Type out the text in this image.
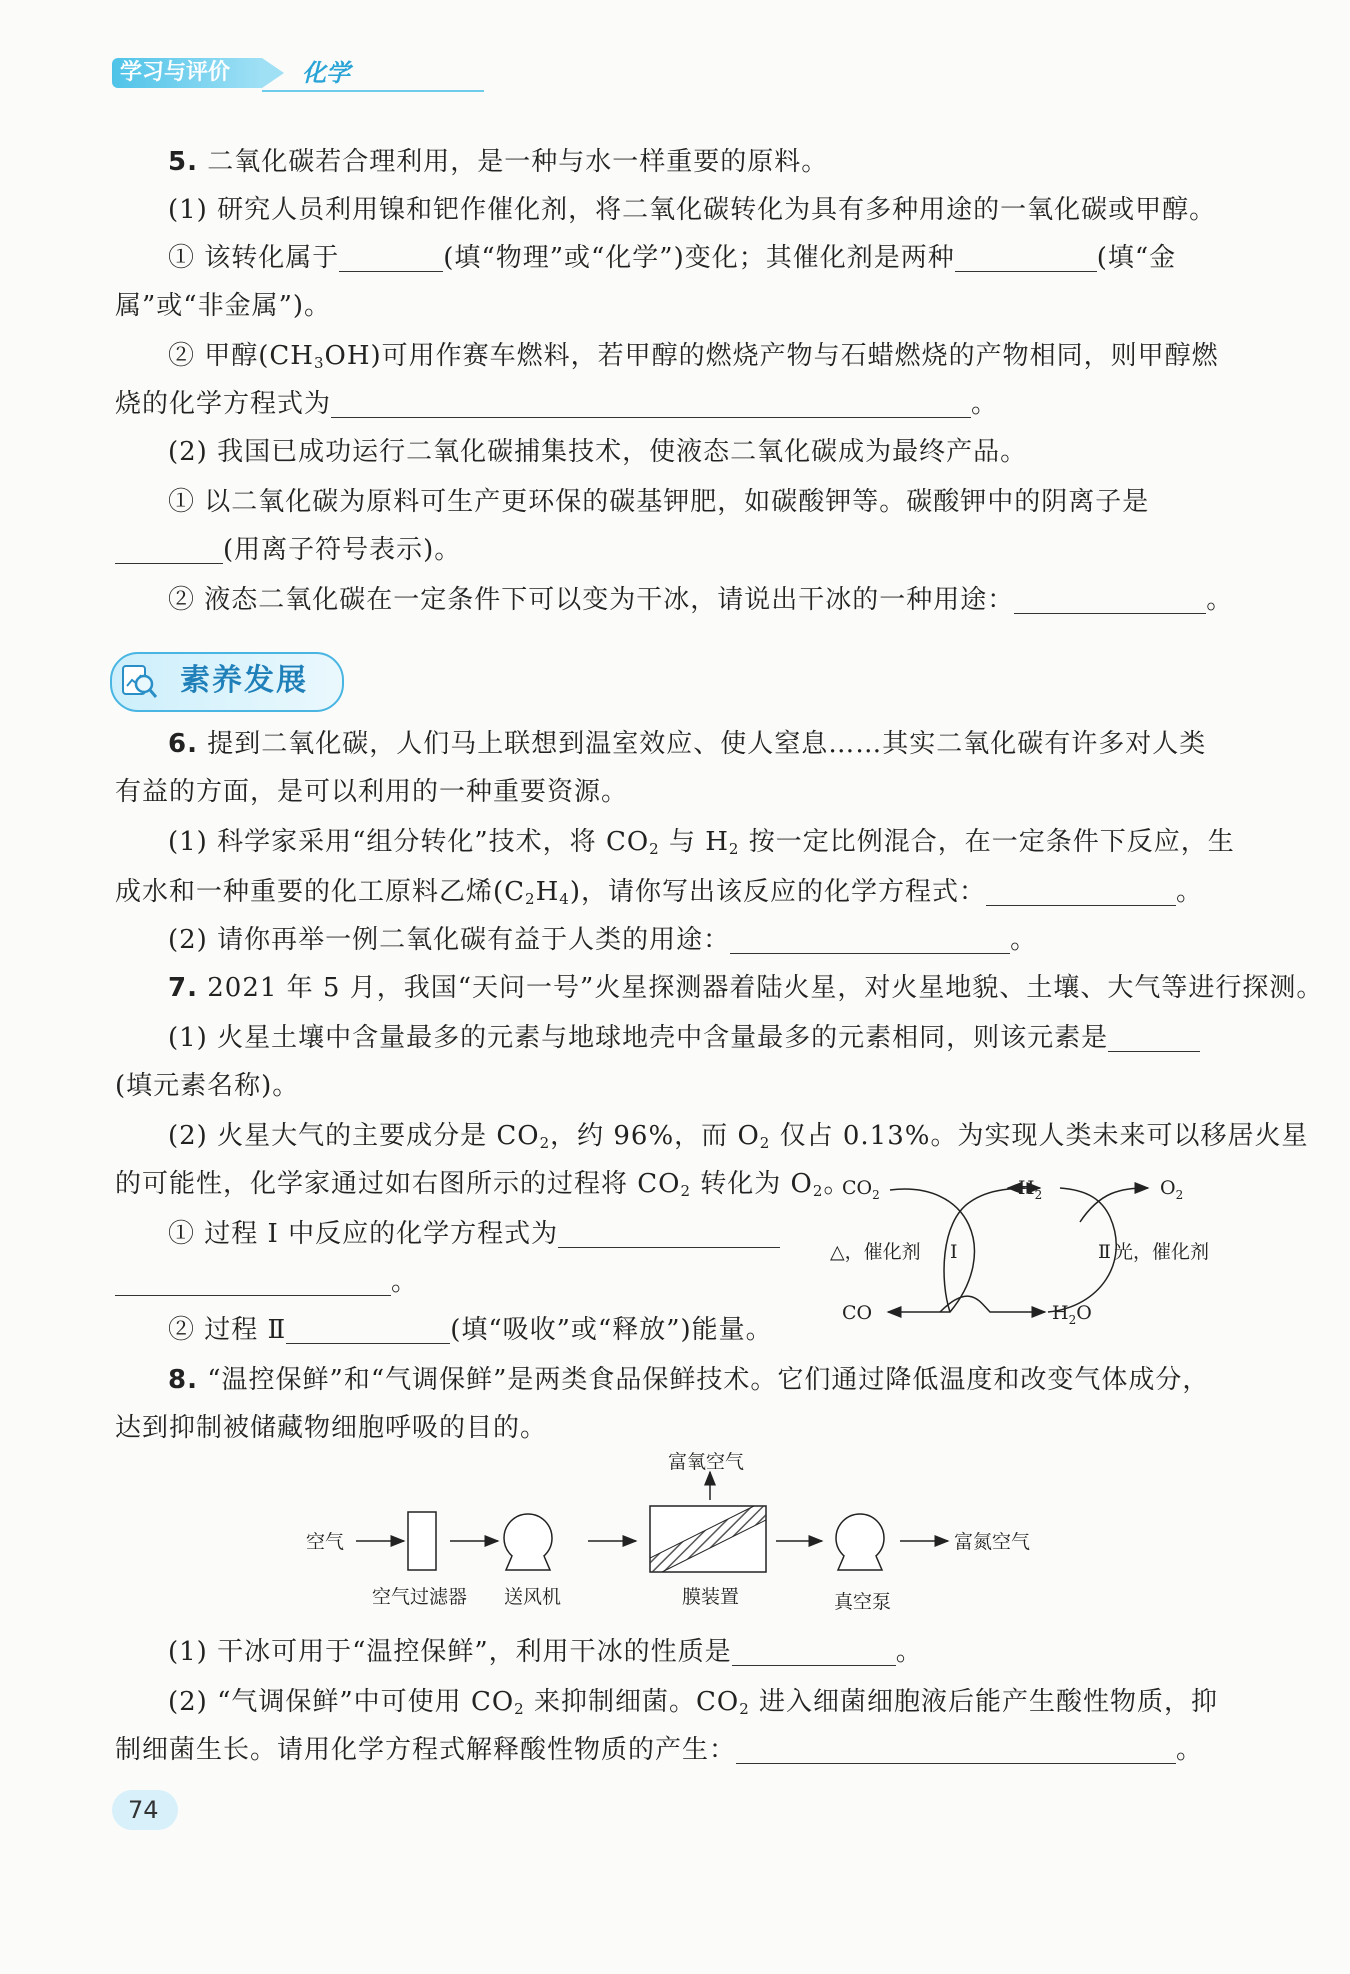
学习与评价	化学
5. 二氧化碳若合理利用，是一种与水一样重要的原料。
(1) 研究人员利用镍和钯作催化剂，将二氧化碳转化为具有多种用途的一氧化碳或甲醇。
① 该转化属于	(填“物理”或“化学”)变化；其催化剂是两种	(填“金
属”或“非金属”)。
② 甲醇$(CH_3OH)$可用作赛车燃料，若甲醇的燃烧产物与石蜡燃烧的产物相同，则甲醇燃
烧的化学方程式为	。
(2) 我国已成功运行二氧化碳捕集技术，使液态二氧化碳成为最终产品。
① 以二氧化碳为原料可生产更环保的碳基钾肥，如碳酸钾等。碳酸钾中的阴离子是
(用离子符号表示)。
② 液态二氧化碳在一定条件下可以变为干冰，请说出干冰的一种用途：	。
素养发展
6. 提到二氧化碳，人们马上联想到温室效应、使人窒息……其实二氧化碳有许多对人类
有益的方面，是可以利用的一种重要资源。
(1) 科学家采用“组分转化”技术，将 $CO_2$ 与 $H_2$ 按一定比例混合，在一定条件下反应，生
成水和一种重要的化工原料乙烯$(C_2H_4)$，请你写出该反应的化学方程式：	。
(2) 请你再举一例二氧化碳有益于人类的用途：	。
7. 2021 年 5 月，我国“天问一号”火星探测器着陆火星，对火星地貌、土壤、大气等进行探测。
(1) 火星土壤中含量最多的元素与地球地壳中含量最多的元素相同，则该元素是
(填元素名称)。
(2) 火星大气的主要成分是 $CO_2$，约 96%，而 $O_2$ 仅占 0.13%。为实现人类未来可以移居火星
的可能性，化学家通过如右图所示的过程将 $CO_2$ 转化为 $O_2$。
① 过程 Ⅰ 中反应的化学方程式为
。
② 过程 Ⅱ	(填“吸收”或“释放”)能量。
$CO_2$	$H_2$	$O_2$
CO	$H_2O$
△，催化剂 Ⅰ	Ⅱ 光，催化剂
8. “温控保鲜”和“气调保鲜”是两类食品保鲜技术。它们通过降低温度和改变气体成分，
达到抑制被储藏物细胞呼吸的目的。
空气
空气过滤器 送风机
富氧空气
膜装置	真空泵
富氮空气
(1) 干冰可用于“温控保鲜”，利用干冰的性质是	。
(2) “气调保鲜”中可使用 $CO_2$ 来抑制细菌。$CO_2$ 进入细菌细胞液后能产生酸性物质，抑
制细菌生长。请用化学方程式解释酸性物质的产生：	。
74
